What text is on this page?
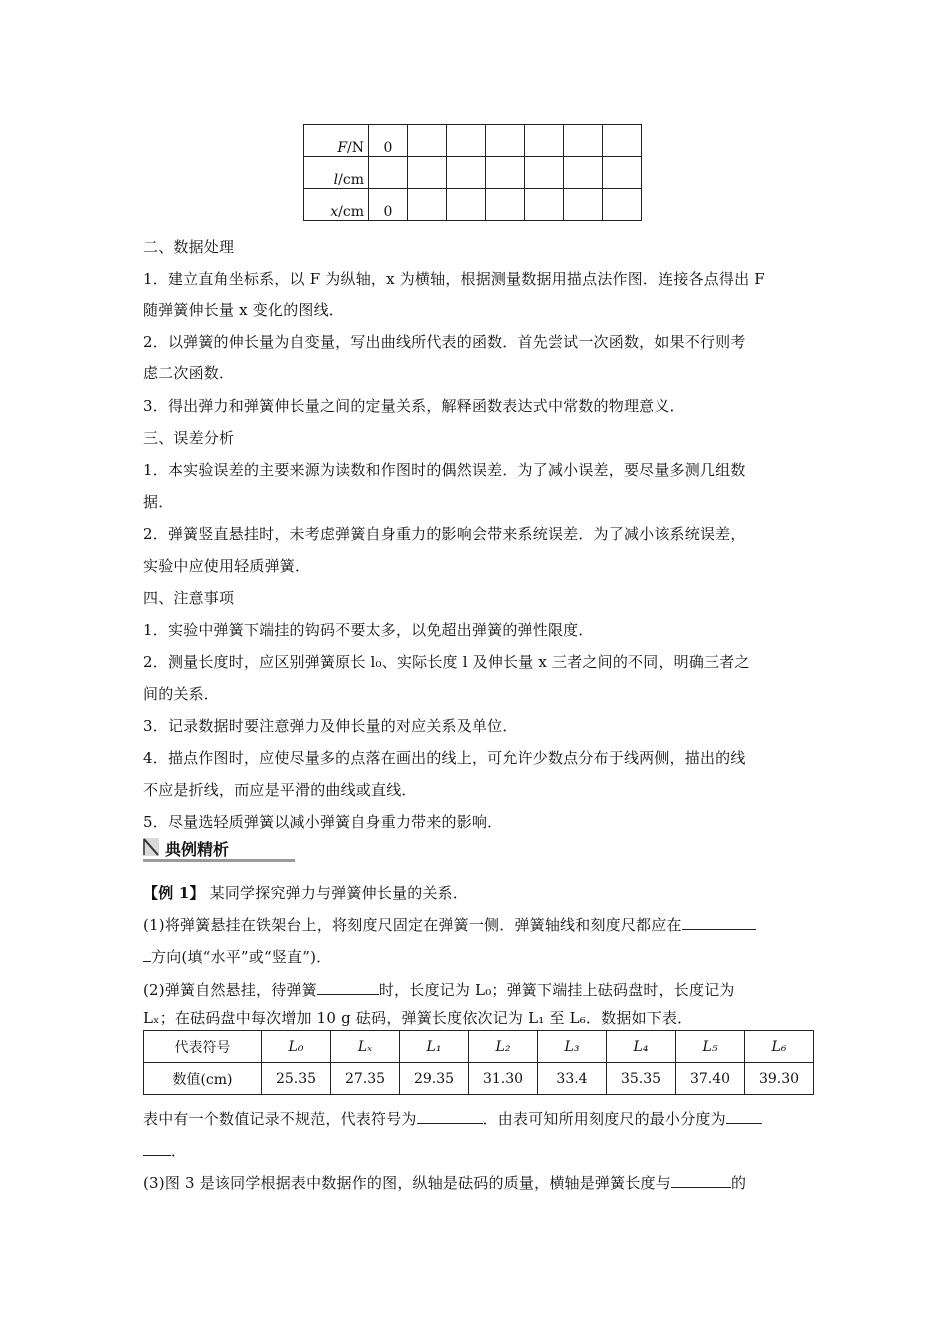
F/N	0						
l/cm							
x/cm	0						
二、数据处理
1．建立直角坐标系，以 F 为纵轴，x 为横轴，根据测量数据用描点法作图．连接各点得出 F
随弹簧伸长量 x 变化的图线．
2．以弹簧的伸长量为自变量，写出曲线所代表的函数．首先尝试一次函数，如果不行则考
虑二次函数．
3．得出弹力和弹簧伸长量之间的定量关系，解释函数表达式中常数的物理意义．
三、误差分析
1．本实验误差的主要来源为读数和作图时的偶然误差．为了减小误差，要尽量多测几组数
据．
2．弹簧竖直悬挂时，未考虑弹簧自身重力的影响会带来系统误差．为了减小该系统误差，
实验中应使用轻质弹簧．
四、注意事项
1．实验中弹簧下端挂的钩码不要太多，以免超出弹簧的弹性限度．
2．测量长度时，应区别弹簧原长 l₀、实际长度 l 及伸长量 x 三者之间的不同，明确三者之
间的关系．
3．记录数据时要注意弹力及伸长量的对应关系及单位．
4．描点作图时，应使尽量多的点落在画出的线上，可允许少数点分布于线两侧，描出的线
不应是折线，而应是平滑的曲线或直线．
5．尽量选轻质弹簧以减小弹簧自身重力带来的影响．
典例精析
【例 1】 某同学探究弹力与弹簧伸长量的关系．
(1)将弹簧悬挂在铁架台上，将刻度尺固定在弹簧一侧．弹簧轴线和刻度尺都应在
方向(填“水平”或“竖直”)．
(2)弹簧自然悬挂，待弹簧	时，长度记为 L₀；弹簧下端挂上砝码盘时，长度记为
Lₓ；在砝码盘中每次增加 10 g 砝码，弹簧长度依次记为 L₁ 至 L₆．数据如下表．
代表符号	L₀	Lₓ	L₁	L₂	L₃	L₄	L₅	L₆
数值(cm)	25.35	27.35	29.35	31.30	33.4	35.35	37.40	39.30
表中有一个数值记录不规范，代表符号为	．由表可知所用刻度尺的最小分度为
．
(3)图 3 是该同学根据表中数据作的图，纵轴是砝码的质量，横轴是弹簧长度与	的
